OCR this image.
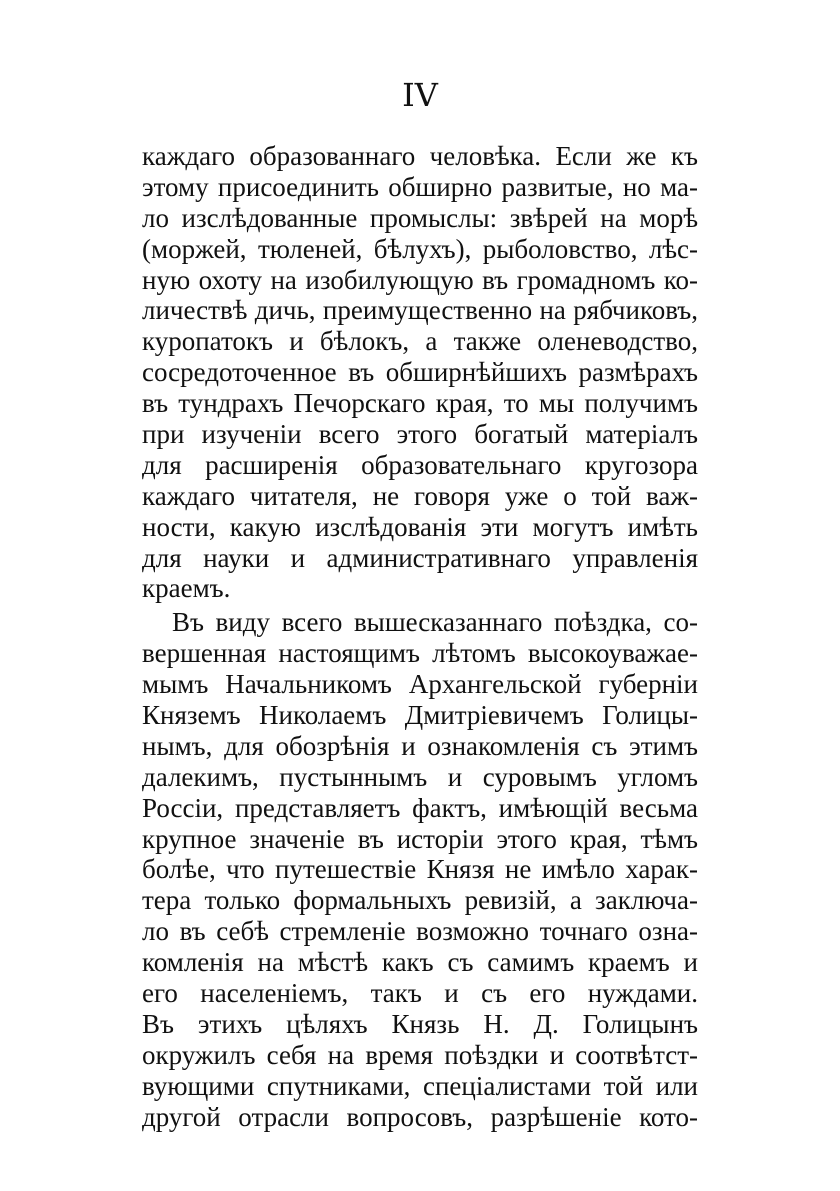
IV
каждаго образованнаго человѣка. Если же къ
этому присоединить обширно развитые, но ма-
ло изслѣдованные промыслы: звѣрей на морѣ
(моржей, тюленей, бѣлухъ), рыболовство, лѣс-
ную охоту на изобилующую въ громадномъ ко-
личествѣ дичь, преимущественно на рябчиковъ,
куропатокъ и бѣлокъ, а также оленеводство,
сосредоточенное въ обширнѣйшихъ размѣрахъ
въ тундрахъ Печорскаго края, то мы получимъ
при изученіи всего этого богатый матеріалъ
для расширенія образовательнаго кругозора
каждаго читателя, не говоря уже о той важ-
ности, какую изслѣдованія эти могутъ имѣть
для науки и административнаго управленія
краемъ.
Въ виду всего вышесказаннаго поѣздка, со-
вершенная настоящимъ лѣтомъ высокоуважае-
мымъ Начальникомъ Архангельской губерніи
Княземъ Николаемъ Дмитріевичемъ Голицы-
нымъ, для обозрѣнія и ознакомленія съ этимъ
далекимъ, пустыннымъ и суровымъ угломъ
Россіи, представляетъ фактъ, имѣющій весьма
крупное значеніе въ исторіи этого края, тѣмъ
болѣе, что путешествіе Князя не имѣло харак-
тера только формальныхъ ревизій, а заключа-
ло въ себѣ стремленіе возможно точнаго озна-
комленія на мѣстѣ какъ съ самимъ краемъ и
его населеніемъ, такъ и съ его нуждами.
Въ этихъ цѣляхъ Князь Н. Д. Голицынъ
окружилъ себя на время поѣздки и соотвѣтст-
вующими спутниками, спеціалистами той или
другой отрасли вопросовъ, разрѣшеніе кото-
